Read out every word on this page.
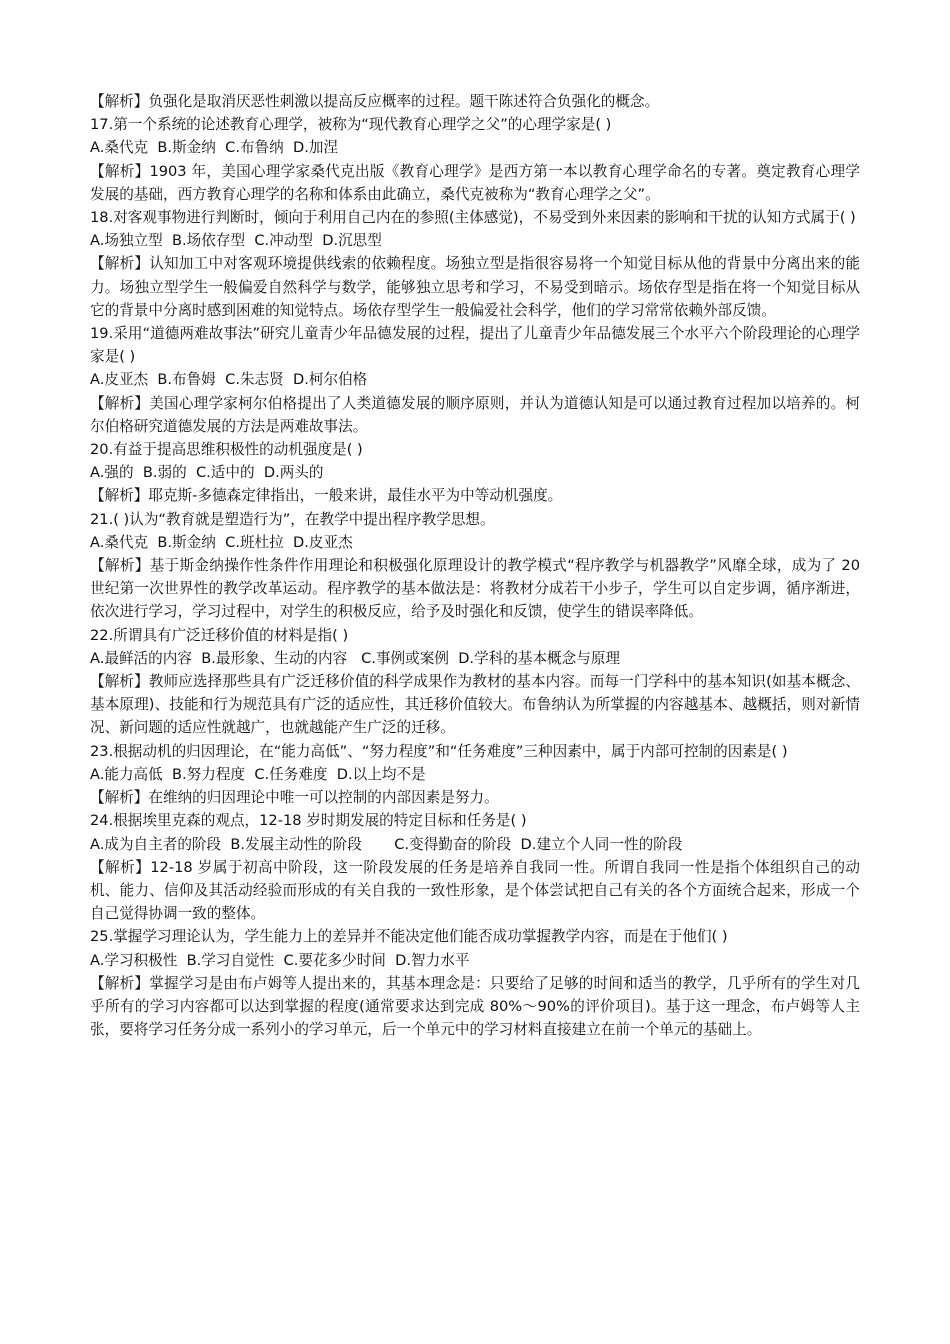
【解析】负强化是取消厌恶性刺激以提高反应概率的过程。题干陈述符合负强化的概念。

17.第一个系统的论述教育心理学，被称为“现代教育心理学之父”的心理学家是( )

A.桑代克  B.斯金纳  C.布鲁纳  D.加涅

【解析】1903 年，美国心理学家桑代克出版《教育心理学》是西方第一本以教育心理学命名的专著。奠定教育心理学发展的基础，西方教育心理学的名称和体系由此确立，桑代克被称为“教育心理学之父”。

18.对客观事物进行判断时，倾向于利用自己内在的参照(主体感觉)，不易受到外来因素的影响和干扰的认知方式属于( )

A.场独立型  B.场依存型  C.冲动型  D.沉思型

【解析】认知加工中对客观环境提供线索的依赖程度。场独立型是指很容易将一个知觉目标从他的背景中分离出来的能力。场独立型学生一般偏爱自然科学与数学，能够独立思考和学习，不易受到暗示。场依存型是指在将一个知觉目标从它的背景中分离时感到困难的知觉特点。场依存型学生一般偏爱社会科学，他们的学习常常依赖外部反馈。

19.采用“道德两难故事法”研究儿童青少年品德发展的过程，提出了儿童青少年品德发展三个水平六个阶段理论的心理学家是( )

A.皮亚杰  B.布鲁姆  C.朱志贤  D.柯尔伯格

【解析】美国心理学家柯尔伯格提出了人类道德发展的顺序原则，并认为道德认知是可以通过教育过程加以培养的。柯尔伯格研究道德发展的方法是两难故事法。

20.有益于提高思维积极性的动机强度是( )

A.强的  B.弱的  C.适中的  D.两头的

【解析】耶克斯-多德森定律指出，一般来讲，最佳水平为中等动机强度。

21.( )认为“教育就是塑造行为”，在教学中提出程序教学思想。

A.桑代克  B.斯金纳  C.班杜拉  D.皮亚杰

【解析】基于斯金纳操作性条件作用理论和积极强化原理设计的教学模式“程序教学与机器教学”风靡全球，成为了 20 世纪第一次世界性的教学改革运动。程序教学的基本做法是：将教材分成若干小步子，学生可以自定步调，循序渐进，依次进行学习，学习过程中，对学生的积极反应，给予及时强化和反馈，使学生的错误率降低。

22.所谓具有广泛迁移价值的材料是指( )

A.最鲜活的内容  B.最形象、生动的内容   C.事例或案例  D.学科的基本概念与原理

【解析】教师应选择那些具有广泛迁移价值的科学成果作为教材的基本内容。而每一门学科中的基本知识(如基本概念、基本原理)、技能和行为规范具有广泛的适应性，其迁移价值较大。布鲁纳认为所掌握的内容越基本、越概括，则对新情况、新问题的适应性就越广，也就越能产生广泛的迁移。

23.根据动机的归因理论，在“能力高低”、“努力程度”和“任务难度”三种因素中，属于内部可控制的因素是( )

A.能力高低  B.努力程度  C.任务难度  D.以上均不是

【解析】在维纳的归因理论中唯一可以控制的内部因素是努力。

24.根据埃里克森的观点，12-18 岁时期发展的特定目标和任务是( )

A.成为自主者的阶段  B.发展主动性的阶段       C.变得勤奋的阶段  D.建立个人同一性的阶段

【解析】12-18 岁属于初高中阶段，这一阶段发展的任务是培养自我同一性。所谓自我同一性是指个体组织自己的动机、能力、信仰及其活动经验而形成的有关自我的一致性形象，是个体尝试把自己有关的各个方面统合起来，形成一个自己觉得协调一致的整体。

25.掌握学习理论认为，学生能力上的差异并不能决定他们能否成功掌握教学内容，而是在于他们( )

A.学习积极性  B.学习自觉性  C.要花多少时间  D.智力水平

【解析】掌握学习是由布卢姆等人提出来的，其基本理念是：只要给了足够的时间和适当的教学，几乎所有的学生对几乎所有的学习内容都可以达到掌握的程度(通常要求达到完成 80%～90%的评价项目)。基于这一理念，布卢姆等人主张，要将学习任务分成一系列小的学习单元，后一个单元中的学习材料直接建立在前一个单元的基础上。
